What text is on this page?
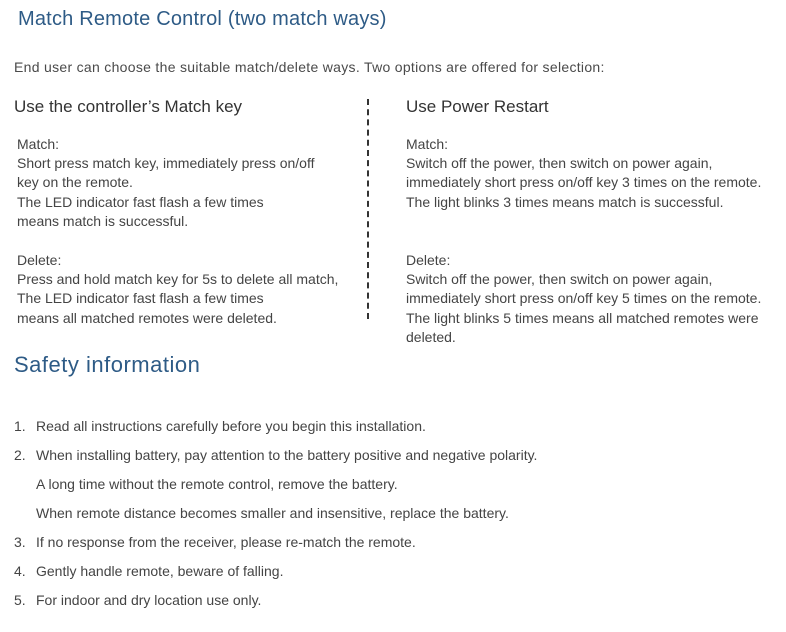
Match Remote Control (two match ways)
End user can choose the suitable match/delete ways. Two options are offered for selection:
Use the controller’s Match key	Use Power Restart
Match:
Short press match key, immediately press on/off
key on the remote.
The LED indicator fast flash a few times
means match is successful.
Delete:
Press and hold match key for 5s to delete all match,
The LED indicator fast flash a few times
means all matched remotes were deleted.
Match:
Switch off the power, then switch on power again,
immediately short press on/off key 3 times on the remote.
The light blinks 3 times means match is successful.
Delete:
Switch off the power, then switch on power again,
immediately short press on/off key 5 times on the remote.
The light blinks 5 times means all matched remotes were
deleted.
Safety information
1. Read all instructions carefully before you begin this installation.
2. When installing battery, pay attention to the battery positive and negative polarity.
A long time without the remote control, remove the battery.
When remote distance becomes smaller and insensitive, replace the battery.
3. If no response from the receiver, please re-match the remote.
4. Gently handle remote, beware of falling.
5. For indoor and dry location use only.
